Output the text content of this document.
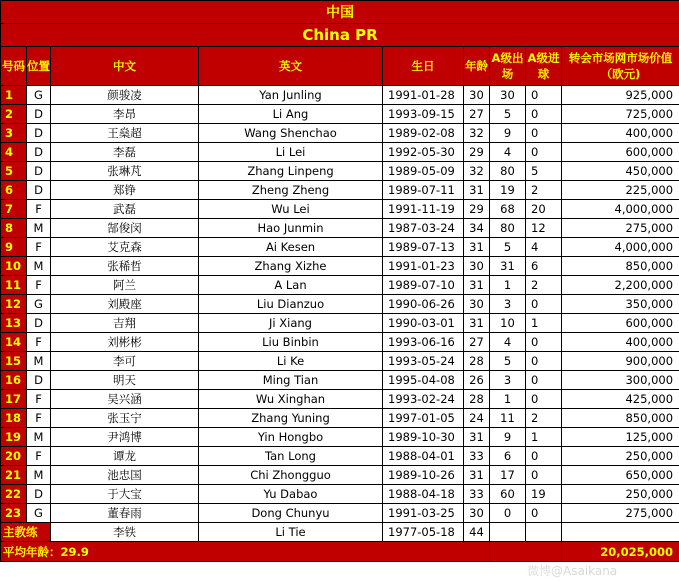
中国								
China PR								
号码	位置	中文	英文	生日	年龄	A级出场	A级进球	转会市场网市场价值（欧元)
1	G	颜骏凌	Yan Junling	1991-01-28	30	30	0	925,000
2	D	李昂	Li Ang	1993-09-15	27	5	0	725,000
3	D	王燊超	Wang Shenchao	1989-02-08	32	9	0	400,000
4	D	李磊	Li Lei	1992-05-30	29	4	0	600,000
5	D	张琳芃	Zhang Linpeng	1989-05-09	32	80	5	450,000
6	D	郑铮	Zheng Zheng	1989-07-11	31	19	2	225,000
7	F	武磊	Wu Lei	1991-11-19	29	68	20	4,000,000
8	M	郜俊闵	Hao Junmin	1987-03-24	34	80	12	275,000
9	F	艾克森	Ai Kesen	1989-07-13	31	5	4	4,000,000
10	M	张稀哲	Zhang Xizhe	1991-01-23	30	31	6	850,000
11	F	阿兰	A Lan	1989-07-10	31	1	2	2,200,000
12	G	刘殿座	Liu Dianzuo	1990-06-26	30	3	0	350,000
13	D	吉翔	Ji Xiang	1990-03-01	31	10	1	600,000
14	F	刘彬彬	Liu Binbin	1993-06-16	27	4	0	400,000
15	M	李可	Li Ke	1993-05-24	28	5	0	900,000
16	D	明天	Ming Tian	1995-04-08	26	3	0	300,000
17	F	吴兴涵	Wu Xinghan	1993-02-24	28	1	0	425,000
18	F	张玉宁	Zhang Yuning	1997-01-05	24	11	2	850,000
19	M	尹鸿博	Yin Hongbo	1989-10-30	31	9	1	125,000
20	F	谭龙	Tan Long	1988-04-01	33	6	0	250,000
21	M	池忠国	Chi Zhongguo	1989-10-26	31	17	0	650,000
22	D	于大宝	Yu Dabao	1988-04-18	33	60	19	250,000
23	G	董春雨	Dong Chunyu	1991-03-25	30	0	0	275,000
主教练		李铁	Li Tie	1977-05-18	44			
平均年龄：29.9								20,025,000
微博@Asaikana
